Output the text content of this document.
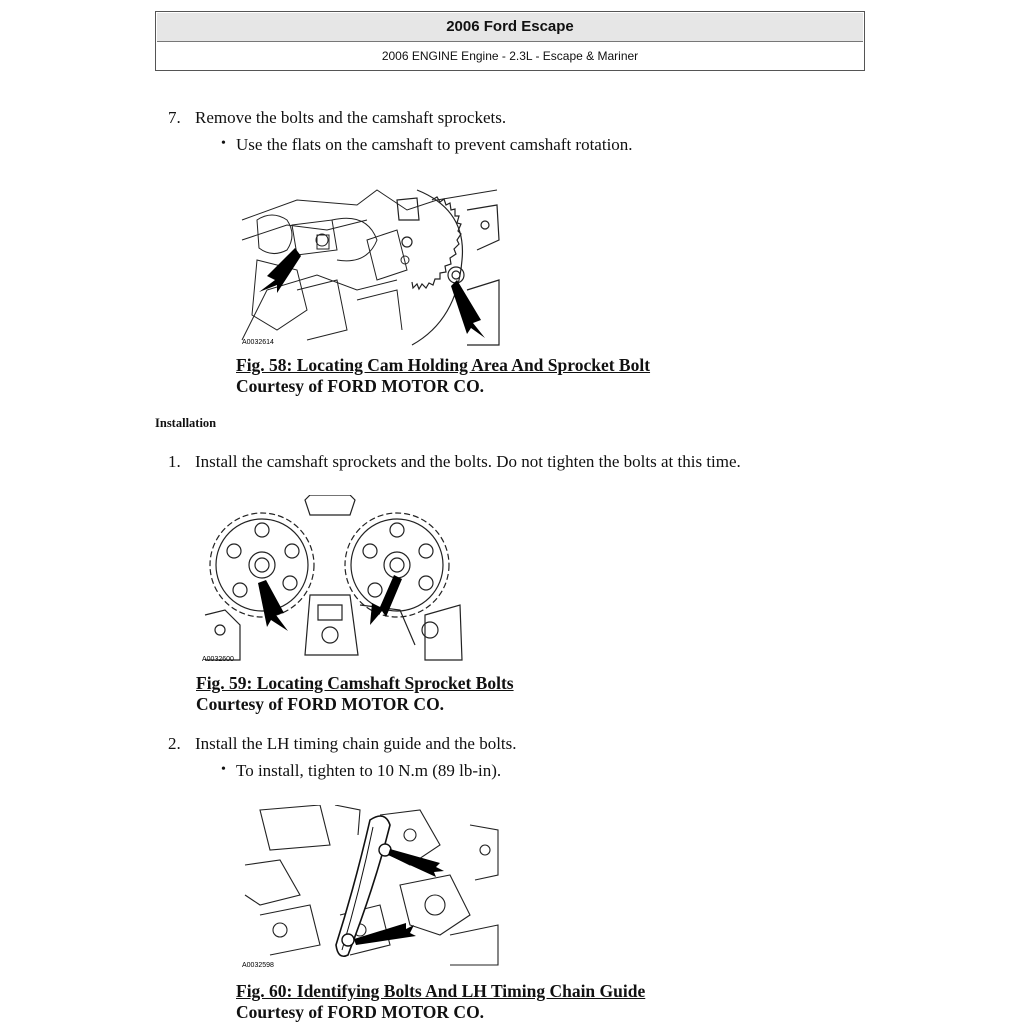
2006 Ford Escape
2006 ENGINE Engine - 2.3L - Escape & Mariner
7. Remove the bolts and the camshaft sprockets.
• Use the flats on the camshaft to prevent camshaft rotation.
A0032614
Fig. 58: Locating Cam Holding Area And Sprocket Bolt
Courtesy of FORD MOTOR CO.
Installation
1. Install the camshaft sprockets and the bolts. Do not tighten the bolts at this time.
A0032600
Fig. 59: Locating Camshaft Sprocket Bolts
Courtesy of FORD MOTOR CO.
2. Install the LH timing chain guide and the bolts.
• To install, tighten to 10 N.m (89 lb-in).
A0032598
Fig. 60: Identifying Bolts And LH Timing Chain Guide
Courtesy of FORD MOTOR CO.
